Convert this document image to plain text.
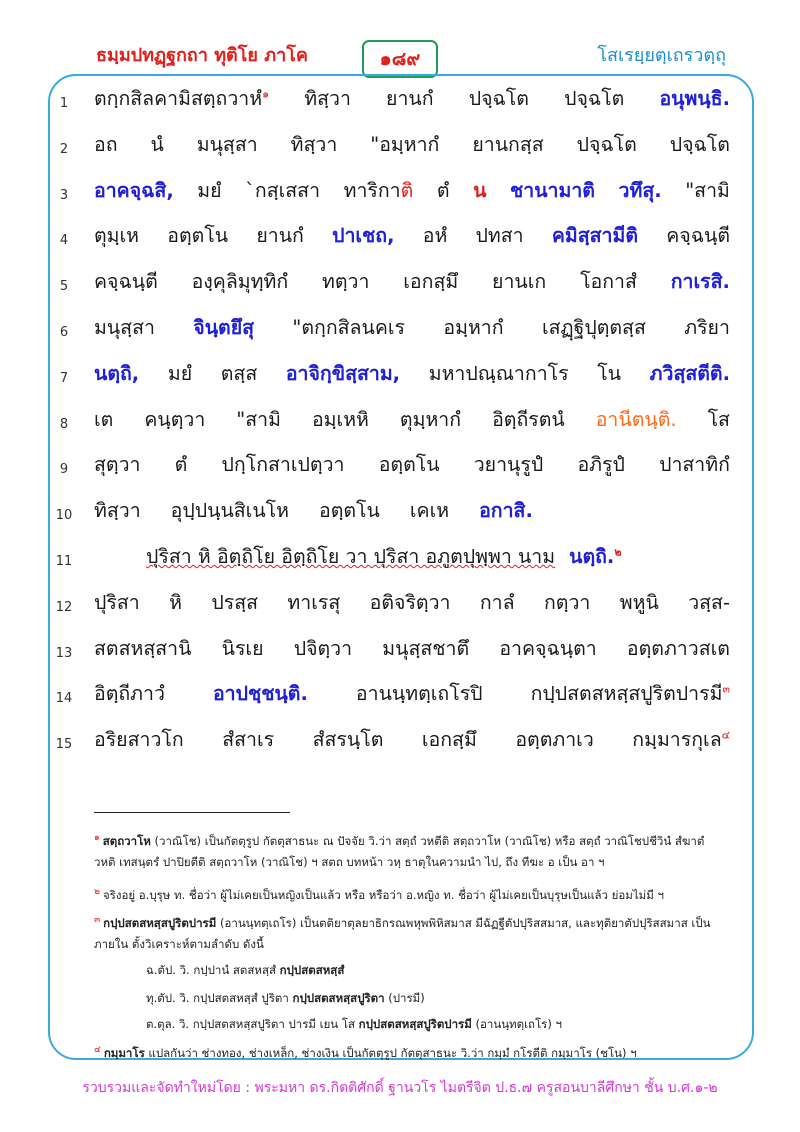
ธมฺมปทฏฺฐกถา ทุติโย ภาโค	๑๘๙	โสเรยฺยตฺเถรวตฺถุ
1	ตกฺกสิลคามิสตฺถวาหํ$^๑$ ทิสฺวา ยานกํ ปจฺฉโต ปจฺฉโต อนุพนฺธิ.
2	อถ นํ มนุสฺสา ทิสฺวา "อมฺหากํ ยานกสฺส ปจฺฉโต ปจฺฉโต
3	อาคจฺฉสิ, มยํ `กสฺเสสา ทาริกาติ ตํ น ชานามาติ วทึสุ. "สามิ
4	ตุมฺเห อตฺตโน ยานกํ ปาเชถ, อหํ ปทสา คมิสฺสามีติ คจฺฉนฺตี
5	คจฺฉนฺตี องฺคุลิมุทฺทิกํ ทตฺวา เอกสฺมึ ยานเก โอกาสํ กาเรสิ.
6	มนุสฺสา จินฺตยึสุ "ตกฺกสิลนคเร อมฺหากํ เสฏฺฐิปุตฺตสฺส ภริยา
7	นตฺถิ, มยํ ตสฺส อาจิกฺขิสฺสาม, มหาปณฺณากาโร โน ภวิสฺสตีติ.
8	เต คนฺตฺวา "สามิ อมฺเหหิ ตุมฺหากํ อิตฺถีรตนํ อานีตนฺติ. โส
9	สุตฺวา ตํ ปกฺโกสาเปตฺวา อตฺตโน วยานุรูปํ อภิรูปํ ปาสาทิกํ
10 ทิสฺวา อุปฺปนฺนสิเนโห อตฺตโน เคเห อกาสิ.
11	ปุริสา หิ อิตฺถิโย อิตฺถิโย วา ปุริสา อภูตปุพฺพา นาม นตฺถิ.$^๒$
12 ปุริสา หิ ปรสฺส ทาเรสุ อติจริตฺวา กาลํ กตฺวา พหูนิ วสฺส-
13 สตสหสฺสานิ นิรเย ปจิตฺวา มนุสฺสชาตึ อาคจฺฉนฺตา อตฺตภาวสเต
14 อิตฺถีภาวํ อาปชฺชนฺติ. อานนฺทตฺเถโรปิ กปฺปสตสหสฺสปูริตปารมี$^๓$
15 อริยสาวโก สํสาเร สํสรนฺโต เอกสฺมึ อตฺตภาเว กมฺมารกุเล$^๔$
$^๑$ สตฺถวาโห (วาณิโช) เป็นกัตตุรูป กัตตุสาธนะ ณ ปัจจัย วิ.ว่า สตฺถํ วหตีติ สตฺถวาโห (วาณิโช) หรือ สตฺถํ วาณิโชปชีวินํ สํฆาตํ วหติ เทสนฺตรํ ปาปิยตีติ สตฺถวาโห (วาณิโช) ฯ สตถ บทหน้า วหฺ ธาตุในความนำ ไป, ถึง ทีฆะ อ เป็น อา ฯ
$^๒$ จริงอยู่ อ.บุรุษ ท. ชื่อว่า ผู้ไม่เคยเป็นหญิงเป็นแล้ว หรือ หรือว่า อ.หญิง ท. ชื่อว่า ผู้ไม่เคยเป็นบุรุษเป็นแล้ว ย่อมไม่มี ฯ
$^๓$ กปฺปสตสหสฺสปูริตปารมี (อานนฺทตฺเถโร) เป็นตติยาตุลยาธิกรณพหุพพิหิสมาส มีฉัฏฐีตัปปุริสสมาส, และทุติยาตัปปุริสสมาส เป็นภายใน ตั้งวิเคราะห์ตามลำดับ ดังนี้
ฉ.ตัป. วิ. กปฺปานํ สตสหสฺสํ กปฺปสตสหสฺสํ
ทุ.ตัป. วิ. กปฺปสตสหสฺสํ ปูริตา กปฺปสตสหสฺสปูริตา (ปารมี)
ต.ตุล. วิ. กปฺปสตสหสฺสปูริตา ปารมี เยน โส กปฺปสตสหสฺสปูริตปารมี (อานนฺทตฺเถโร) ฯ
$^๔$ กมฺมาโร แปลกันว่า ช่างทอง, ช่างเหล็ก, ช่างเงิน เป็นกัตตุรูป กัตตุสาธนะ วิ.ว่า กมฺมํ กโรตีติ กมฺมาโร (ชโน) ฯ
รวบรวมและจัดทำใหม่โดย : พระมหา ดร.กิตติศักดิ์ ฐานวโร ไมตรีจิต ป.ธ.๗ ครูสอนบาลีศึกษา ชั้น บ.ศ.๑-๒
